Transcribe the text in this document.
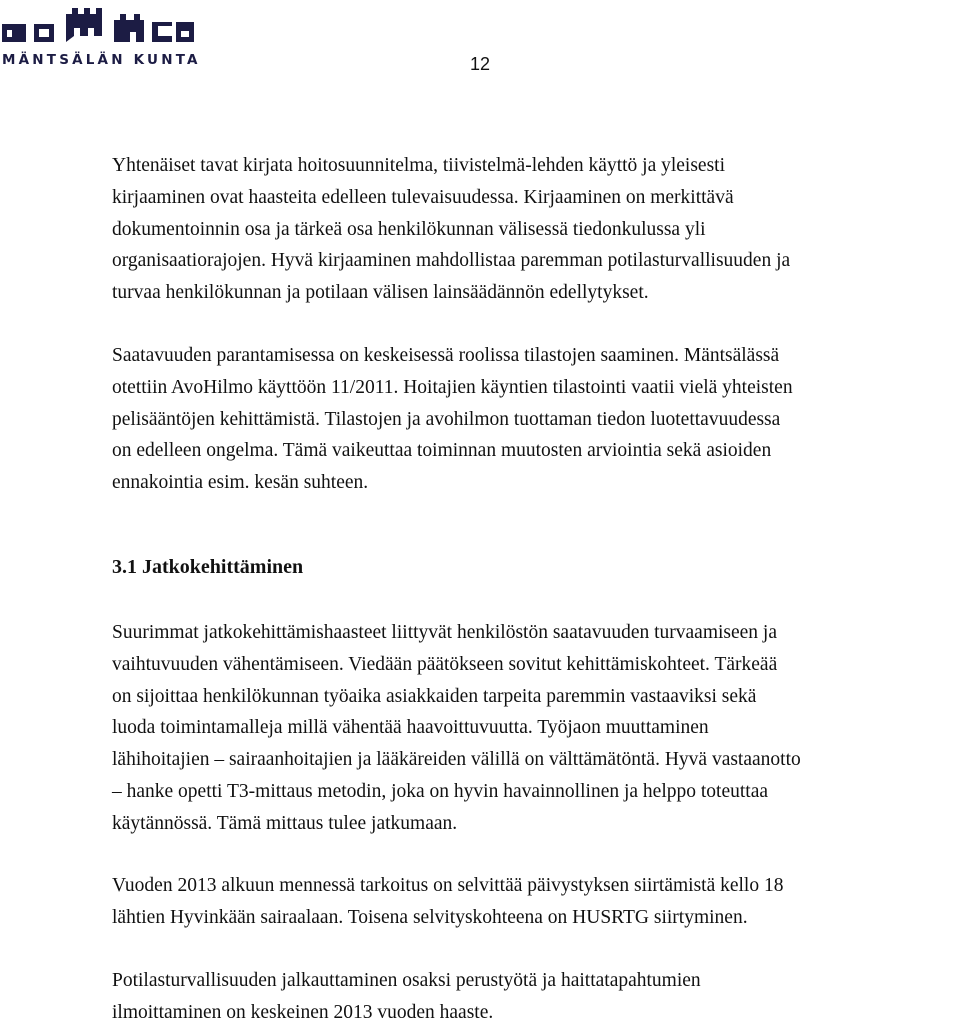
MÄNTSÄLÄN KUNTA	12

Yhtenäiset tavat kirjata hoitosuunnitelma, tiivistelmä-lehden käyttö ja yleisesti

kirjaaminen ovat haasteita edelleen tulevaisuudessa. Kirjaaminen on merkittävä

dokumentoinnin osa ja tärkeä osa henkilökunnan välisessä tiedonkulussa yli

organisaatiorajojen. Hyvä kirjaaminen mahdollistaa paremman potilasturvallisuuden ja

turvaa henkilökunnan ja potilaan välisen lainsäädännön edellytykset.

Saatavuuden parantamisessa on keskeisessä roolissa tilastojen saaminen. Mäntsälässä

otettiin AvoHilmo käyttöön 11/2011. Hoitajien käyntien tilastointi vaatii vielä yhteisten

pelisääntöjen kehittämistä. Tilastojen ja avohilmon tuottaman tiedon luotettavuudessa

on edelleen ongelma. Tämä vaikeuttaa toiminnan muutosten arviointia sekä asioiden

ennakointia esim. kesän suhteen.

3.1 Jatkokehittäminen

Suurimmat jatkokehittämishaasteet liittyvät henkilöstön saatavuuden turvaamiseen ja

vaihtuvuuden vähentämiseen. Viedään päätökseen sovitut kehittämiskohteet. Tärkeää

on sijoittaa henkilökunnan työaika asiakkaiden tarpeita paremmin vastaaviksi sekä

luoda toimintamalleja millä vähentää haavoittuvuutta. Työjaon muuttaminen

lähihoitajien – sairaanhoitajien ja lääkäreiden välillä on välttämätöntä. Hyvä vastaanotto

– hanke opetti T3-mittaus metodin, joka on hyvin havainnollinen ja helppo toteuttaa

käytännössä. Tämä mittaus tulee jatkumaan.

Vuoden 2013 alkuun mennessä tarkoitus on selvittää päivystyksen siirtämistä kello 18

lähtien Hyvinkään sairaalaan. Toisena selvityskohteena on HUSRTG siirtyminen.

Potilasturvallisuuden jalkauttaminen osaksi perustyötä ja haittatapahtumien

ilmoittaminen on keskeinen 2013 vuoden haaste.
